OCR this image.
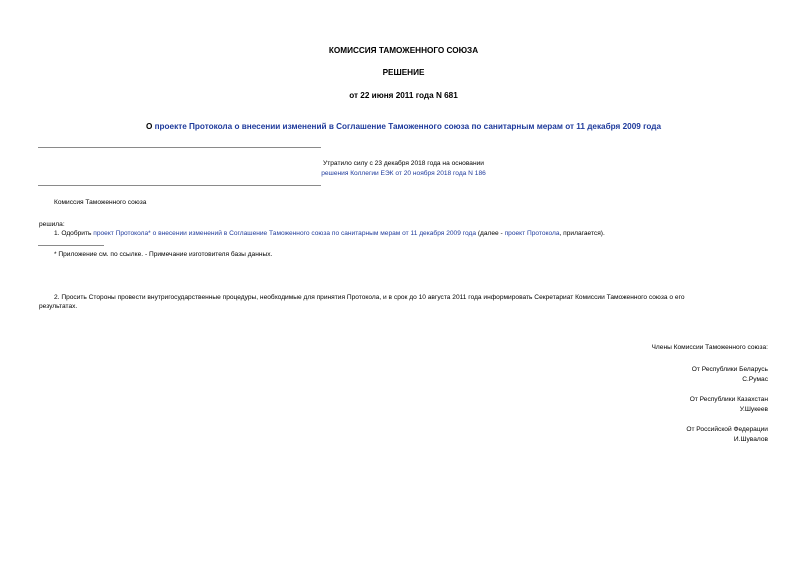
КОМИССИЯ ТАМОЖЕННОГО СОЮЗА
РЕШЕНИЕ
от 22 июня 2011 года N 681
О проекте Протокола о внесении изменений в Соглашение Таможенного союза по санитарным мерам от 11 декабря 2009 года
Утратило силу с 23 декабря 2018 года на основании
решения Коллегии ЕЭК от 20 ноября 2018 года N 186
Комиссия Таможенного союза
решила:
1. Одобрить проект Протокола* о внесении изменений в Соглашение Таможенного союза по санитарным мерам от 11 декабря 2009 года (далее - проект Протокола, прилагается).
* Приложение см. по ссылке. - Примечание изготовителя базы данных.
2. Просить Стороны провести внутригосударственные процедуры, необходимые для принятия Протокола, и в срок до 10 августа 2011 года информировать Секретариат Комиссии Таможенного союза о его
результатах.
Члены Комиссии Таможенного союза:
От Республики Беларусь
С.Румас
От Республики Казахстан
У.Шукеев
От Российской Федерации
И.Шувалов
